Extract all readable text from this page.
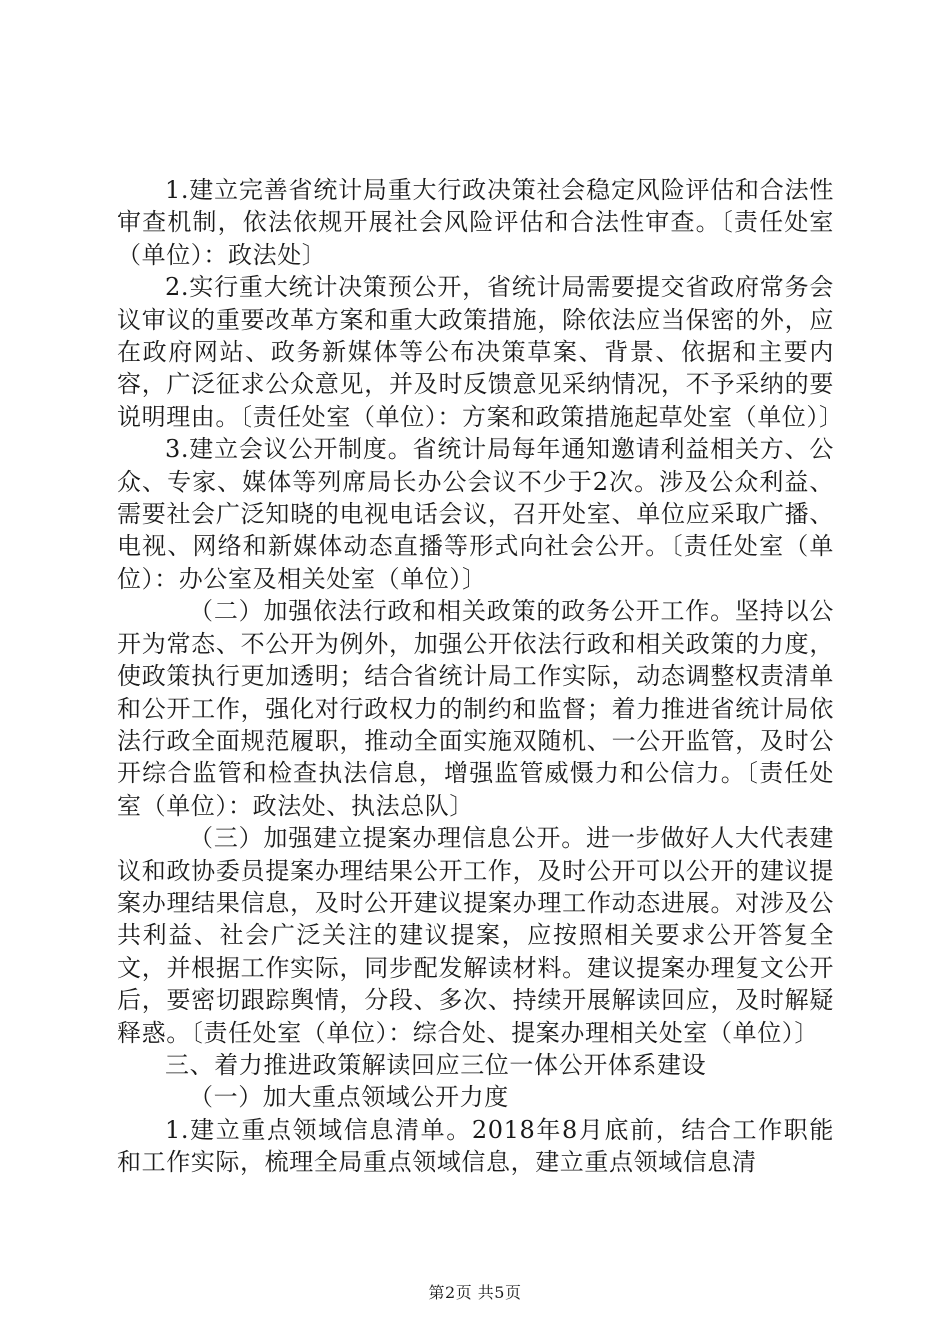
1.建立完善省统计局重大行政决策社会稳定风险评估和合法性审查机制，依法依规开展社会风险评估和合法性审查。〔责任处室（单位）：政法处〕

2.实行重大统计决策预公开，省统计局需要提交省政府常务会议审议的重要改革方案和重大政策措施，除依法应当保密的外，应在政府网站、政务新媒体等公布决策草案、背景、依据和主要内容，广泛征求公众意见，并及时反馈意见采纳情况，不予采纳的要说明理由。〔责任处室（单位）：方案和政策措施起草处室（单位）〕

3.建立会议公开制度。省统计局每年通知邀请利益相关方、公众、专家、媒体等列席局长办公会议不少于2次。涉及公众利益、需要社会广泛知晓的电视电话会议，召开处室、单位应采取广播、电视、网络和新媒体动态直播等形式向社会公开。〔责任处室（单位）：办公室及相关处室（单位）〕

（二）加强依法行政和相关政策的政务公开工作。坚持以公开为常态、不公开为例外，加强公开依法行政和相关政策的力度，使政策执行更加透明；结合省统计局工作实际，动态调整权责清单和公开工作，强化对行政权力的制约和监督；着力推进省统计局依法行政全面规范履职，推动全面实施双随机、一公开监管，及时公开综合监管和检查执法信息，增强监管威慑力和公信力。〔责任处室（单位）：政法处、执法总队〕

（三）加强建立提案办理信息公开。进一步做好人大代表建议和政协委员提案办理结果公开工作，及时公开可以公开的建议提案办理结果信息，及时公开建议提案办理工作动态进展。对涉及公共利益、社会广泛关注的建议提案，应按照相关要求公开答复全文，并根据工作实际，同步配发解读材料。建议提案办理复文公开后，要密切跟踪舆情，分段、多次、持续开展解读回应，及时解疑释惑。〔责任处室（单位）：综合处、提案办理相关处室（单位）〕

三、着力推进政策解读回应三位一体公开体系建设

（一）加大重点领域公开力度

1.建立重点领域信息清单。2018年8月底前，结合工作职能和工作实际，梳理全局重点领域信息，建立重点领域信息清

第2页 共5页
